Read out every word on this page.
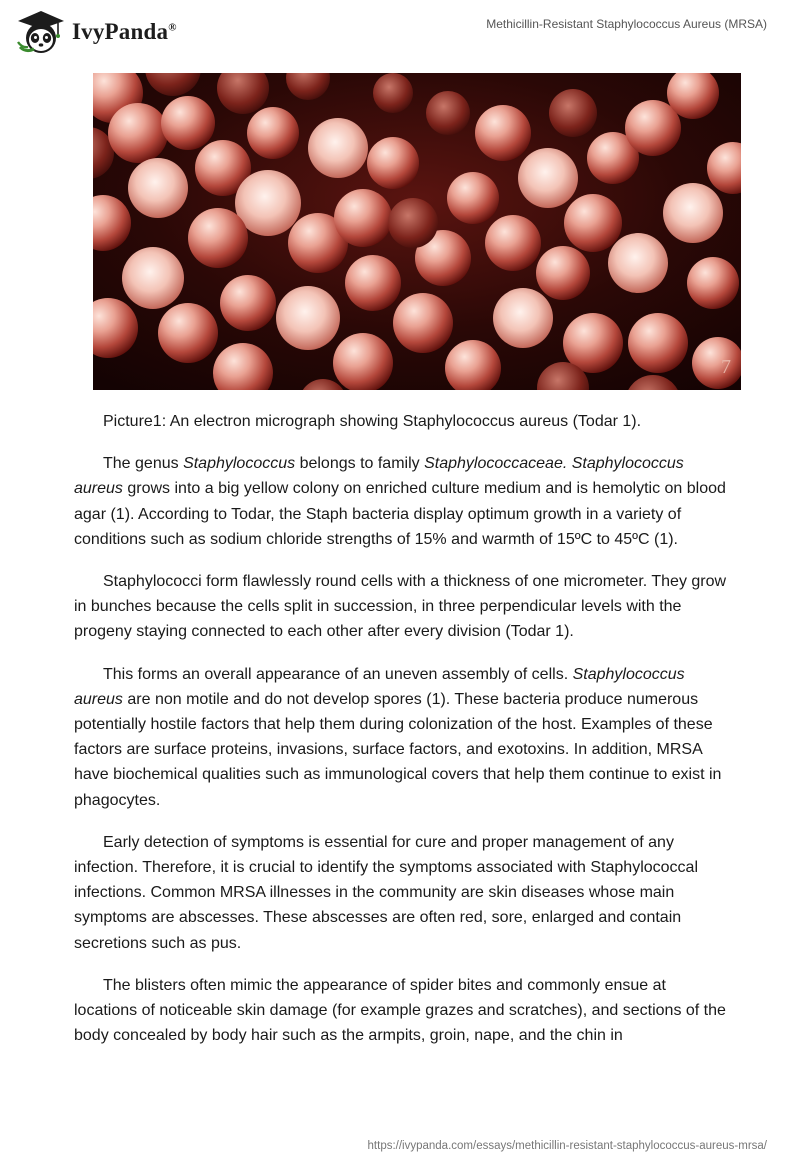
IvyPanda®	Methicillin-Resistant Staphylococcus Aureus (MRSA)
7

Picture1: An electron micrograph showing Staphylococcus aureus (Todar 1).

The genus Staphylococcus belongs to family Staphylococcaceae. Staphylococcus aureus grows into a big yellow colony on enriched culture medium and is hemolytic on blood agar (1). According to Todar, the Staph bacteria display optimum growth in a variety of conditions such as sodium chloride strengths of 15% and warmth of 15ºC to 45ºC (1).

Staphylococci form flawlessly round cells with a thickness of one micrometer. They grow in bunches because the cells split in succession, in three perpendicular levels with the progeny staying connected to each other after every division (Todar 1).

This forms an overall appearance of an uneven assembly of cells. Staphylococcus aureus are non motile and do not develop spores (1). These bacteria produce numerous potentially hostile factors that help them during colonization of the host. Examples of these factors are surface proteins, invasions, surface factors, and exotoxins. In addition, MRSA have biochemical qualities such as immunological covers that help them continue to exist in phagocytes.

Early detection of symptoms is essential for cure and proper management of any infection. Therefore, it is crucial to identify the symptoms associated with Staphylococcal infections. Common MRSA illnesses in the community are skin diseases whose main symptoms are abscesses. These abscesses are often red, sore, enlarged and contain secretions such as pus.

The blisters often mimic the appearance of spider bites and commonly ensue at locations of noticeable skin damage (for example grazes and scratches), and sections of the body concealed by body hair such as the armpits, groin, nape, and the chin in

https://ivypanda.com/essays/methicillin-resistant-staphylococcus-aureus-mrsa/
